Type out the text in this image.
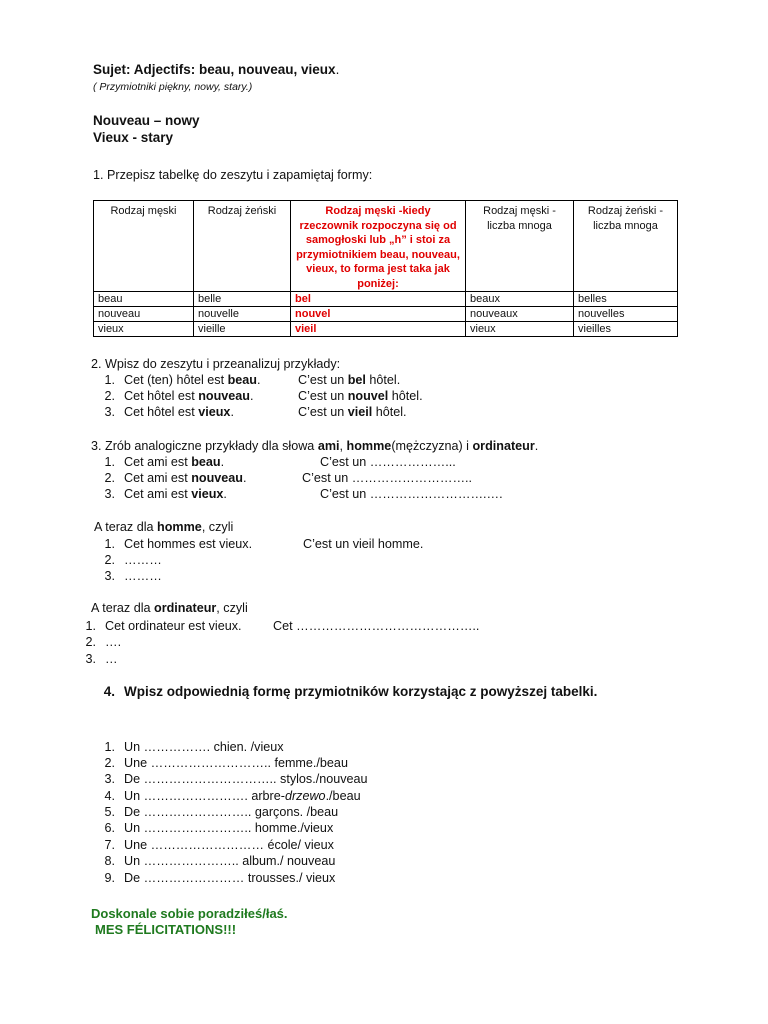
Sujet: Adjectifs: beau, nouveau, vieux.
( Przymiotniki piękny, nowy, stary.)
Nouveau – nowy
Vieux - stary
1. Przepisz tabelkę do zeszytu i zapamiętaj formy:
Rodzaj męski	Rodzaj żeński	Rodzaj męski -kiedy rzeczownik rozpoczyna się od samogłoski lub „h” i stoi za przymiotnikiem beau, nouveau, vieux, to forma jest taka jak poniżej:	Rodzaj męski - liczba mnoga	Rodzaj żeński - liczba mnoga
beau	belle	bel	beaux	belles
nouveau	nouvelle	nouvel	nouveaux	nouvelles
vieux	vieille	vieil	vieux	vieilles
2. Wpisz do zeszytu i przeanalizuj przykłady:
1. Cet (ten) hôtel est beau.	C’est un bel hôtel.
2. Cet hôtel est nouveau.	C’est un nouvel hôtel.
3. Cet hôtel est vieux.	C’est un vieil hôtel.
3. Zrób analogiczne przykłady dla słowa ami, homme(mężczyzna) i ordinateur.
1. Cet ami est beau.	C’est un ………………...
2. Cet ami est nouveau.	C’est un ………………………..
3. Cet ami est vieux.	C’est un ……………………….….
A teraz dla homme, czyli
1. Cet hommes est vieux.	C’est un vieil homme.
2. ………
3. ………
A teraz dla ordinateur, czyli
1. Cet ordinateur est vieux. Cet ……………………………………..
2. ….
3. …
4. Wpisz odpowiednią formę przymiotników korzystając z powyższej tabelki.
1. Un ……………. chien. /vieux
2. Une ……………………….. femme./beau
3. De ………………………….. stylos./nouveau
4. Un ……………………. arbre-drzewo./beau
5. De …………………….. garçons. /beau
6. Un …………………….. homme./vieux
7. Une ……………………… école/ vieux
8. Un ………………….. album./ nouveau
9. De …………………… trousses./ vieux
Doskonale sobie poradziłeś/łaś.
MES FÉLICITATIONS!!!
